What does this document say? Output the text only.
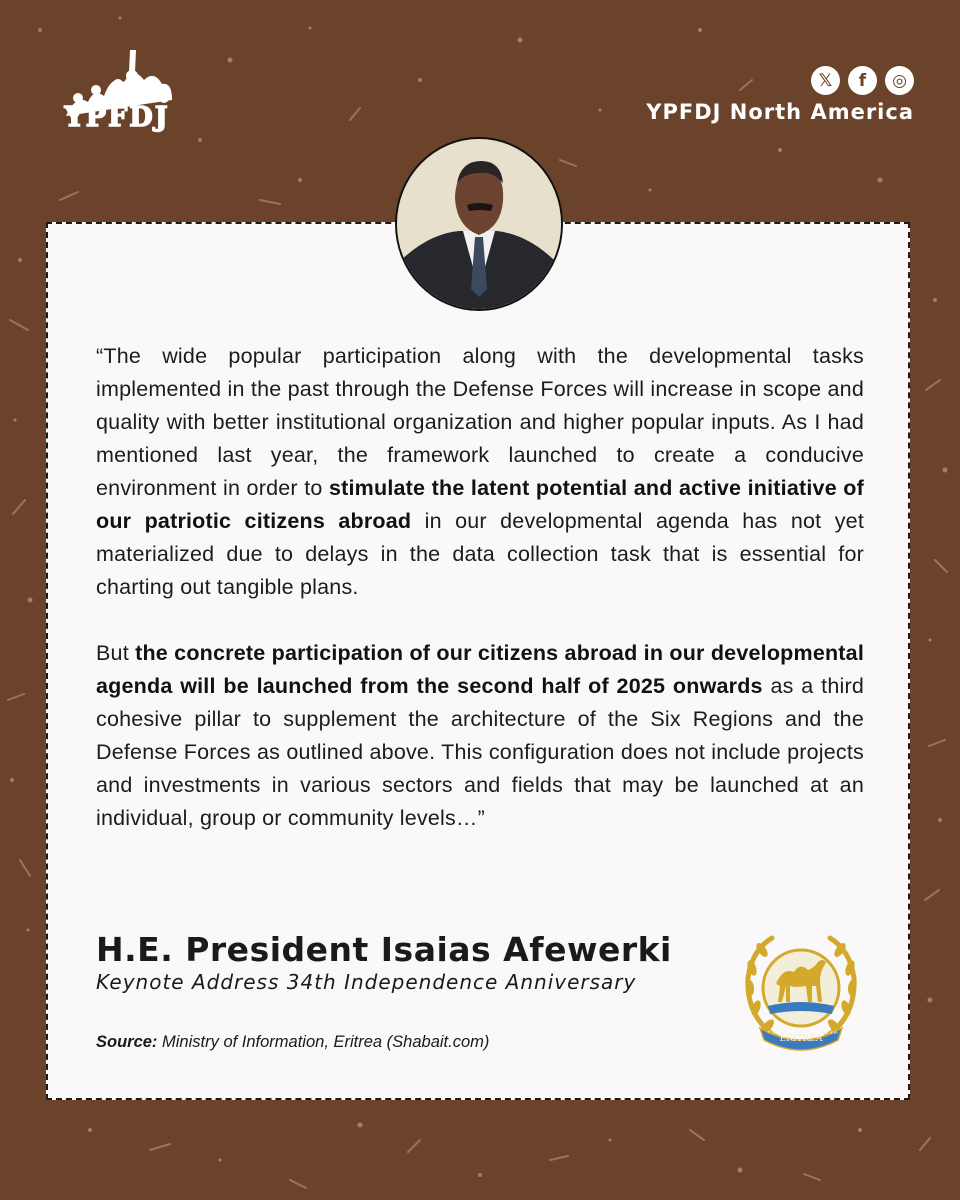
YPFDJ
𝕏	f	◎
YPFDJ North America

“The wide popular participation along with the developmental tasks implemented in the past through the Defense Forces will increase in scope and quality with better institutional organization and higher popular inputs. As I had mentioned last year, the framework launched to create a conducive environment in order to stimulate the latent potential and active initiative of our patriotic citizens abroad in our developmental agenda has not yet materialized due to delays in the data collection task that is essential for charting out tangible plans.

But the concrete participation of our citizens abroad in our developmental agenda will be launched from the second half of 2025 onwards as a third cohesive pillar to supplement the architecture of the Six Regions and the Defense Forces as outlined above. This configuration does not include projects and investments in various sectors and fields that may be launched at an individual, group or community levels…”

H.E. President Isaias Afewerki
Keynote Address 34th Independence Anniversary
Source: Ministry of Information, Eritrea (Shabait.com)	ERITREA
ሃገረ	ኤርትራ
